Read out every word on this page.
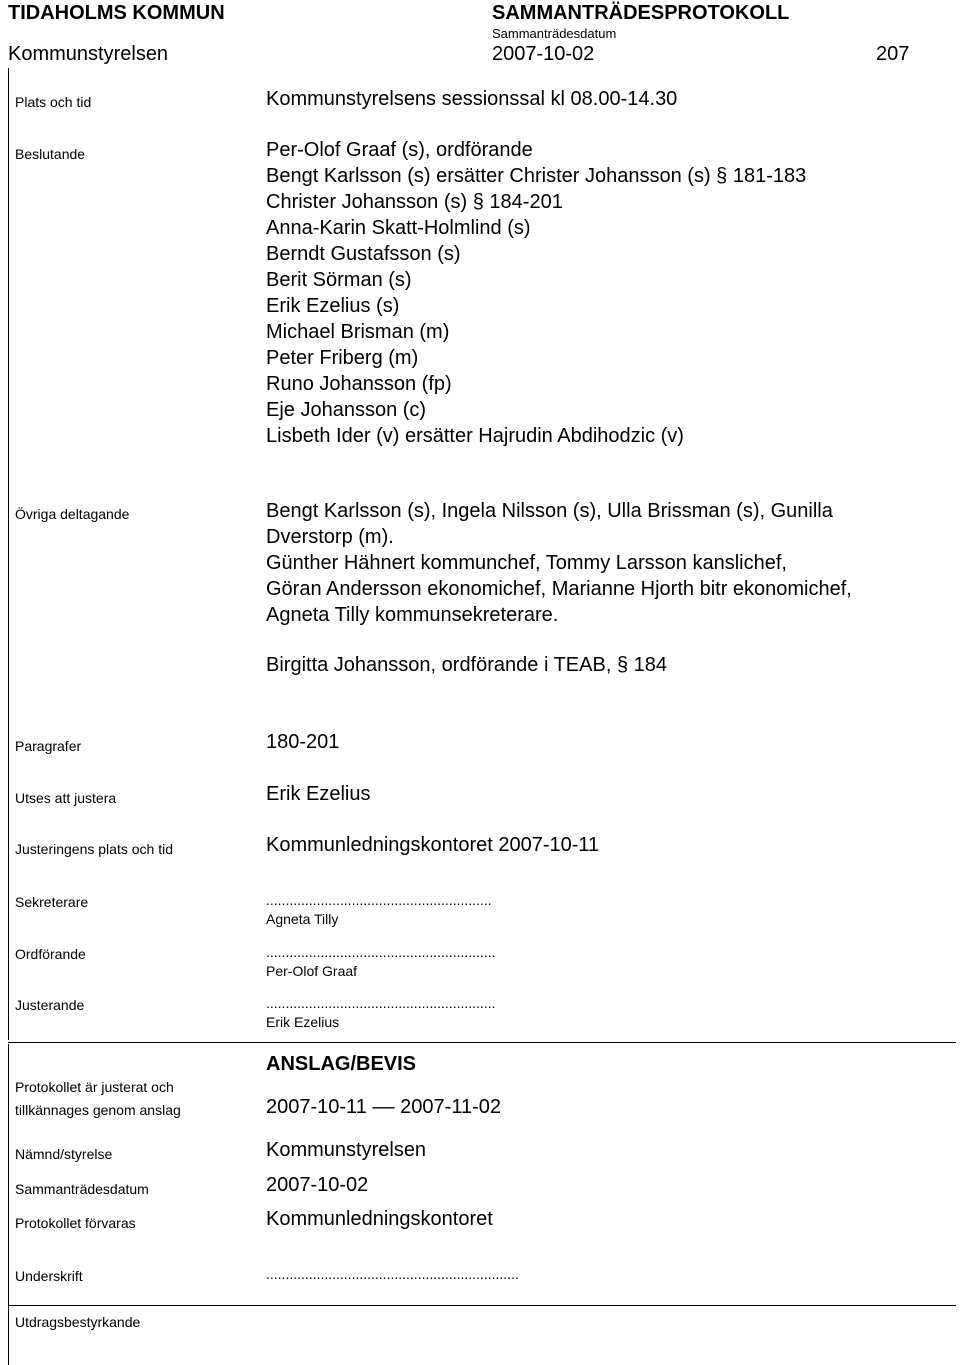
TIDAHOLMS KOMMUN	SAMMANTRÄDESPROTOKOLL
Sammanträdesdatum
Kommunstyrelsen	2007-10-02	207
Plats och tid	Kommunstyrelsens sessionssal kl 08.00-14.30
Beslutande	Per-Olof Graaf (s), ordförande
Bengt Karlsson (s) ersätter Christer Johansson (s) § 181-183
Christer Johansson (s) § 184-201
Anna-Karin Skatt-Holmlind (s)
Berndt Gustafsson (s)
Berit Sörman (s)
Erik Ezelius (s)
Michael Brisman (m)
Peter Friberg (m)
Runo Johansson (fp)
Eje Johansson (c)
Lisbeth Ider (v) ersätter Hajrudin Abdihodzic (v)
Övriga deltagande	Bengt Karlsson (s), Ingela Nilsson (s), Ulla Brissman (s), Gunilla
Dverstorp (m).
Günther Hähnert kommunchef, Tommy Larsson kanslichef,
Göran Andersson ekonomichef, Marianne Hjorth bitr ekonomichef,
Agneta Tilly kommunsekreterare.
Birgitta Johansson, ordförande i TEAB, § 184
Paragrafer	180-201
Utses att justera	Erik Ezelius
Justeringens plats och tid	Kommunledningskontoret 2007-10-11
Sekreterare	..........................................................
Agneta Tilly
Ordförande	...........................................................
Per-Olof Graaf
Justerande	...........................................................
Erik Ezelius
ANSLAG/BEVIS
Protokollet är justerat och
tillkännages genom anslag	2007-10-11 –– 2007-11-02
Nämnd/styrelse	Kommunstyrelsen
Sammanträdesdatum	2007-10-02
Protokollet förvaras	Kommunledningskontoret
Underskrift	.................................................................
Utdragsbestyrkande
